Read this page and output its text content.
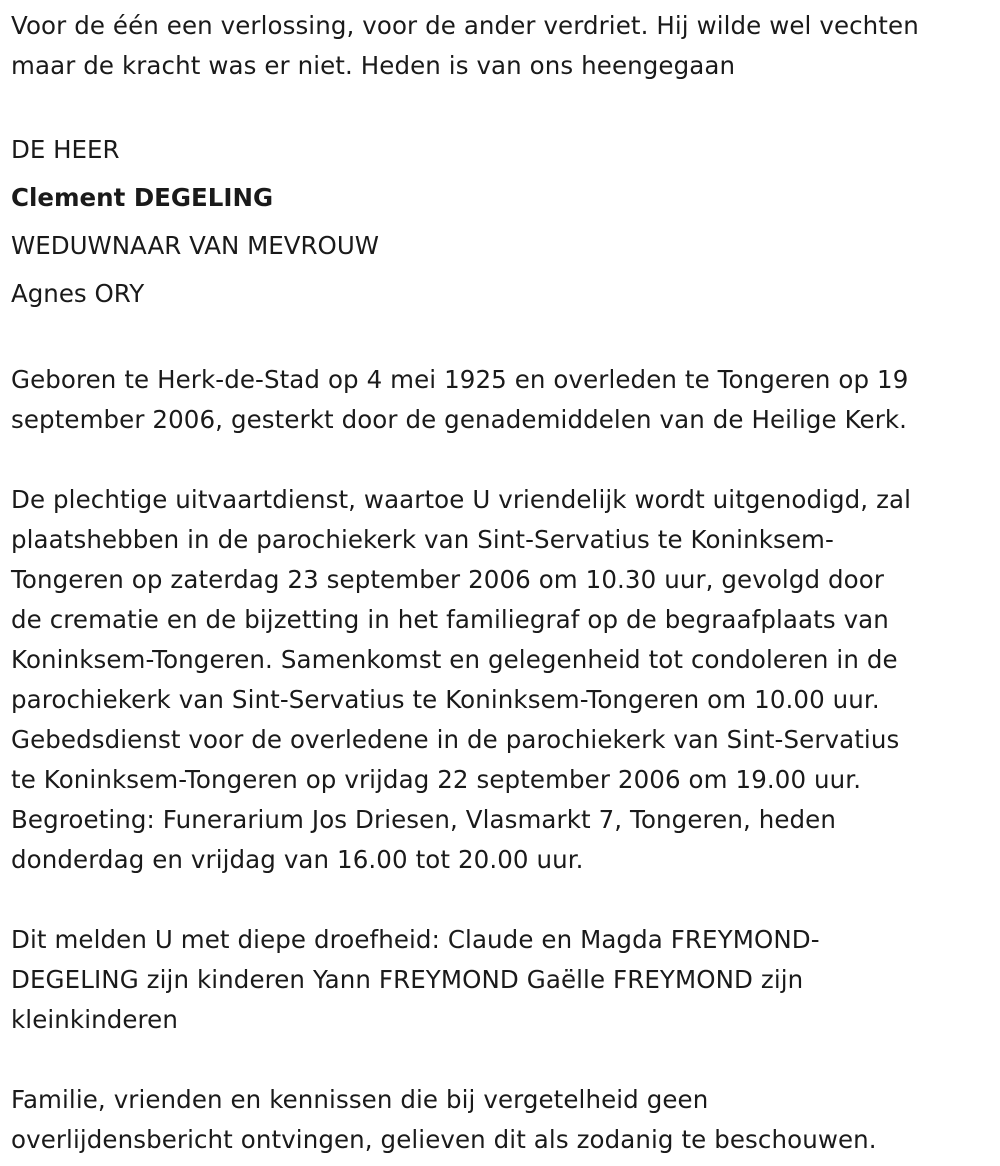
Voor de één een verlossing, voor de ander verdriet. Hij wilde wel vechten
maar de kracht was er niet. Heden is van ons heengegaan

DE HEER
Clement DEGELING
WEDUWNAAR VAN MEVROUW
Agnes ORY

Geboren te Herk-de-Stad op 4 mei 1925 en overleden te Tongeren op 19
september 2006, gesterkt door de genademiddelen van de Heilige Kerk.

De plechtige uitvaartdienst, waartoe U vriendelijk wordt uitgenodigd, zal
plaatshebben in de parochiekerk van Sint-Servatius te Koninksem-
Tongeren op zaterdag 23 september 2006 om 10.30 uur, gevolgd door
de crematie en de bijzetting in het familiegraf op de begraafplaats van
Koninksem-Tongeren. Samenkomst en gelegenheid tot condoleren in de
parochiekerk van Sint-Servatius te Koninksem-Tongeren om 10.00 uur.
Gebedsdienst voor de overledene in de parochiekerk van Sint-Servatius
te Koninksem-Tongeren op vrijdag 22 september 2006 om 19.00 uur.
Begroeting: Funerarium Jos Driesen, Vlasmarkt 7, Tongeren, heden
donderdag en vrijdag van 16.00 tot 20.00 uur.

Dit melden U met diepe droefheid: Claude en Magda FREYMOND-
DEGELING zijn kinderen Yann FREYMOND Gaëlle FREYMOND zijn
kleinkinderen

Familie, vrienden en kennissen die bij vergetelheid geen
overlijdensbericht ontvingen, gelieven dit als zodanig te beschouwen.
